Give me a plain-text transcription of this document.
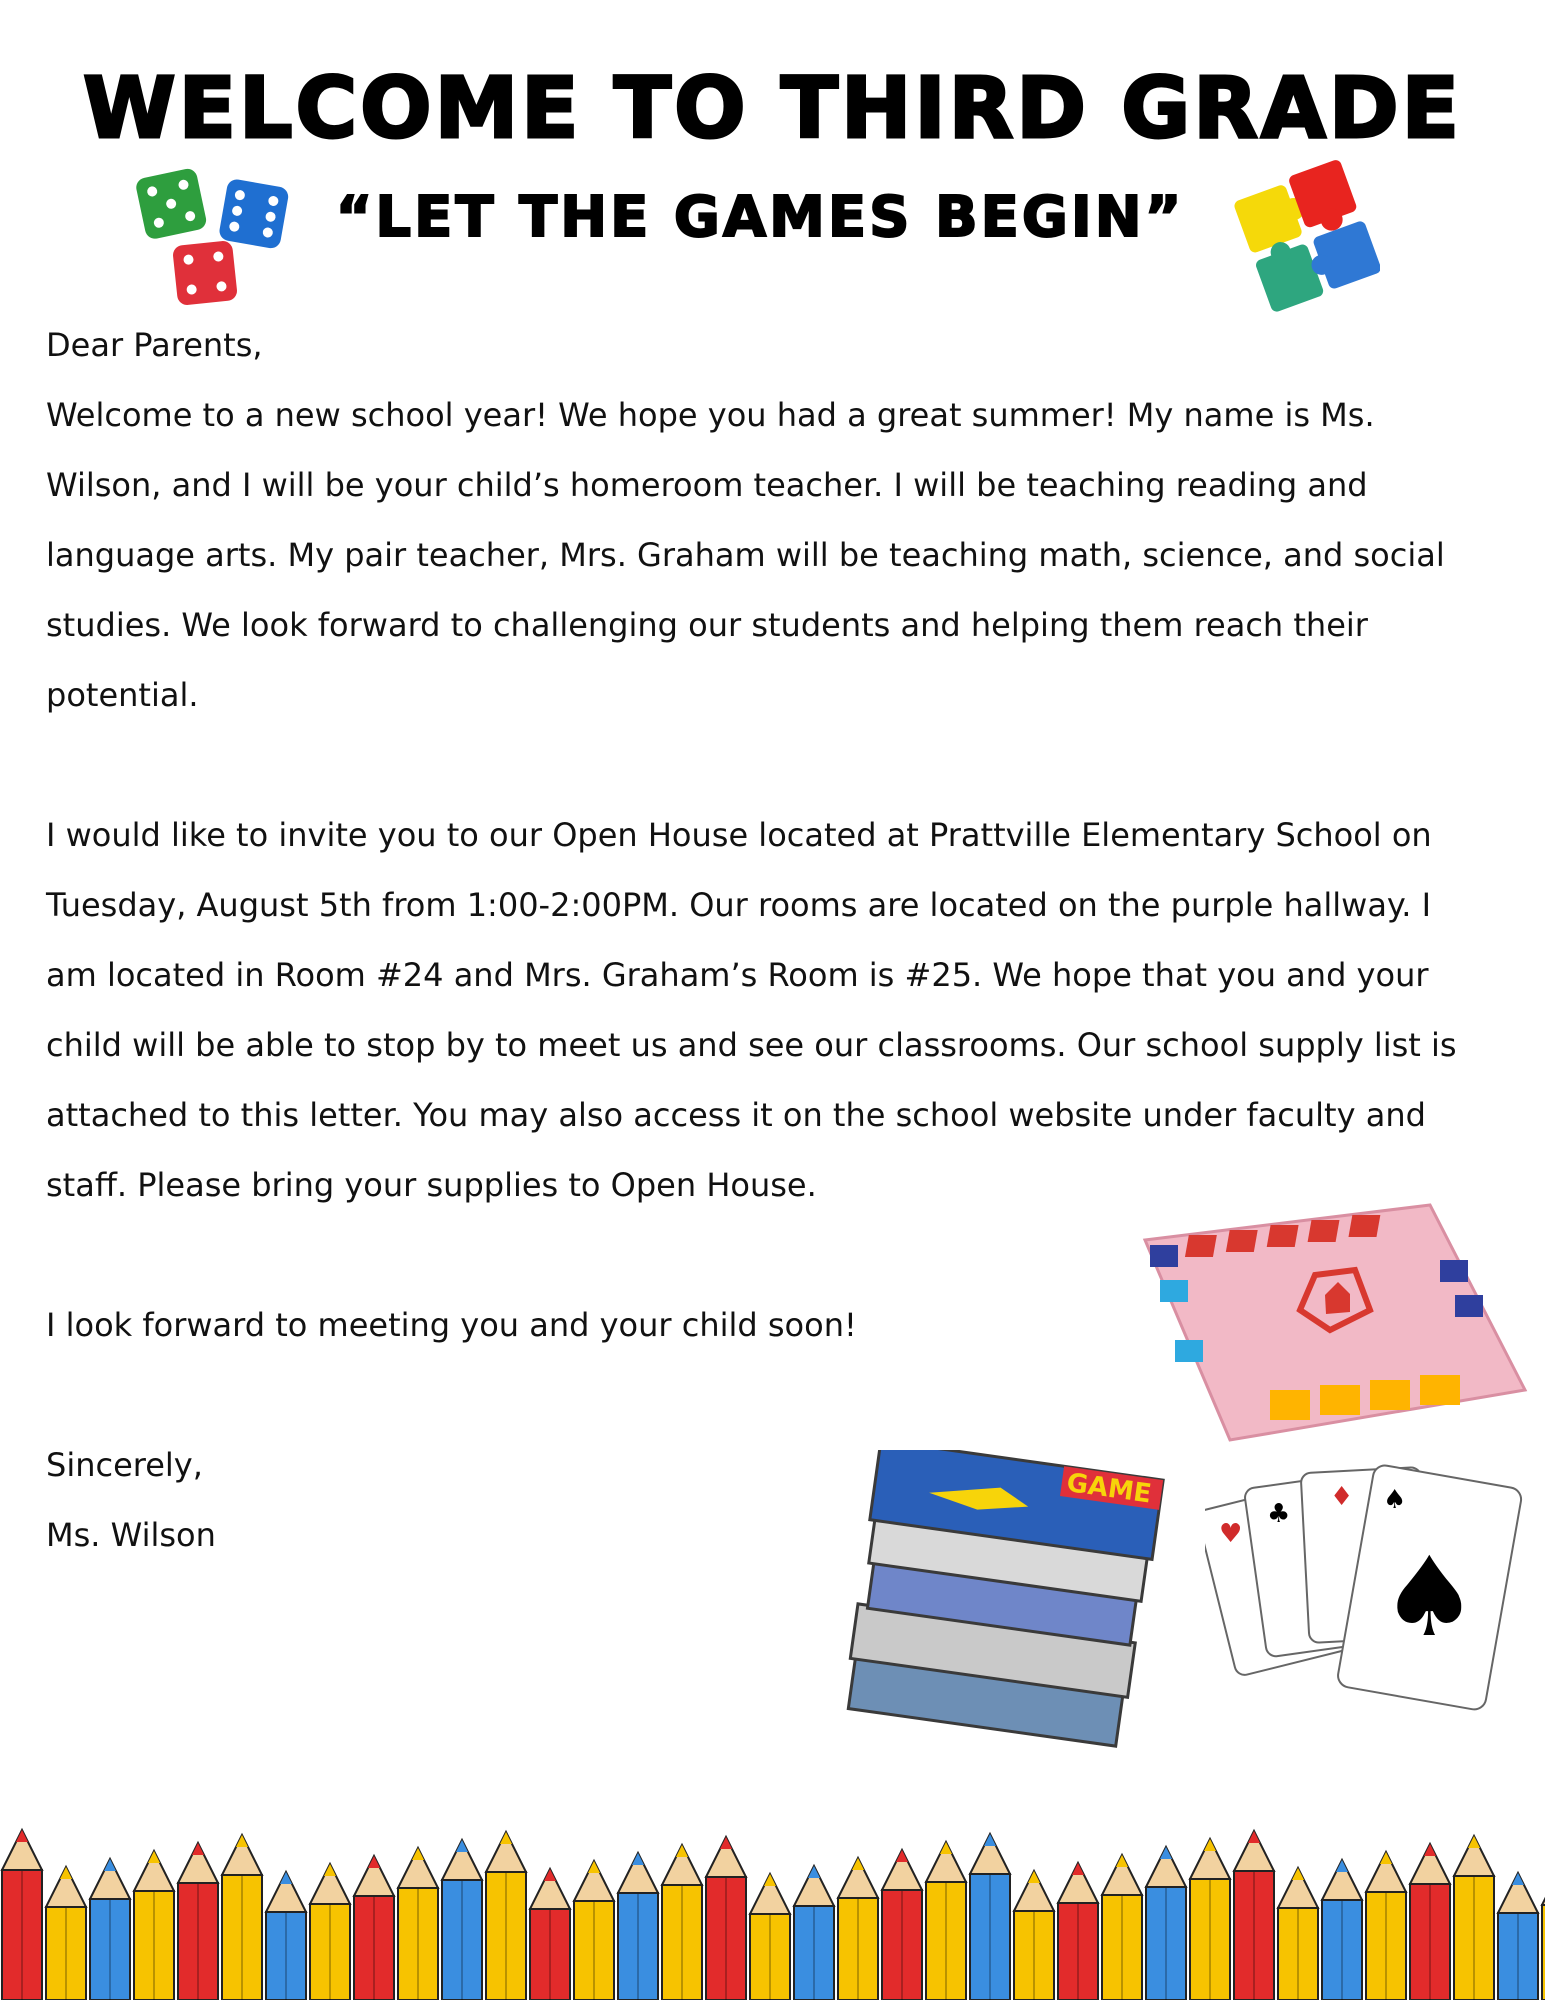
WELCOME TO THIRD GRADE
“LET THE GAMES BEGIN”

Dear Parents,

Welcome to a new school year! We hope you had a great summer! My name is Ms. Wilson, and I will be your child’s homeroom teacher. I will be teaching reading and language arts. My pair teacher, Mrs. Graham will be teaching math, science, and social studies. We look forward to challenging our students and helping them reach their potential.

I would like to invite you to our Open House located at Prattville Elementary School on Tuesday, August 5th from 1:00-2:00PM. Our rooms are located on the purple hallway. I am located in Room #24 and Mrs. Graham’s Room is #25. We hope that you and your child will be able to stop by to meet us and see our classrooms. Our school supply list is attached to this letter. You may also access it on the school website under faculty and staff. Please bring your supplies to Open House.

I look forward to meeting you and your child soon!

Sincerely,

Ms. Wilson

GAME
♥
♣
♦ ♠
♠
